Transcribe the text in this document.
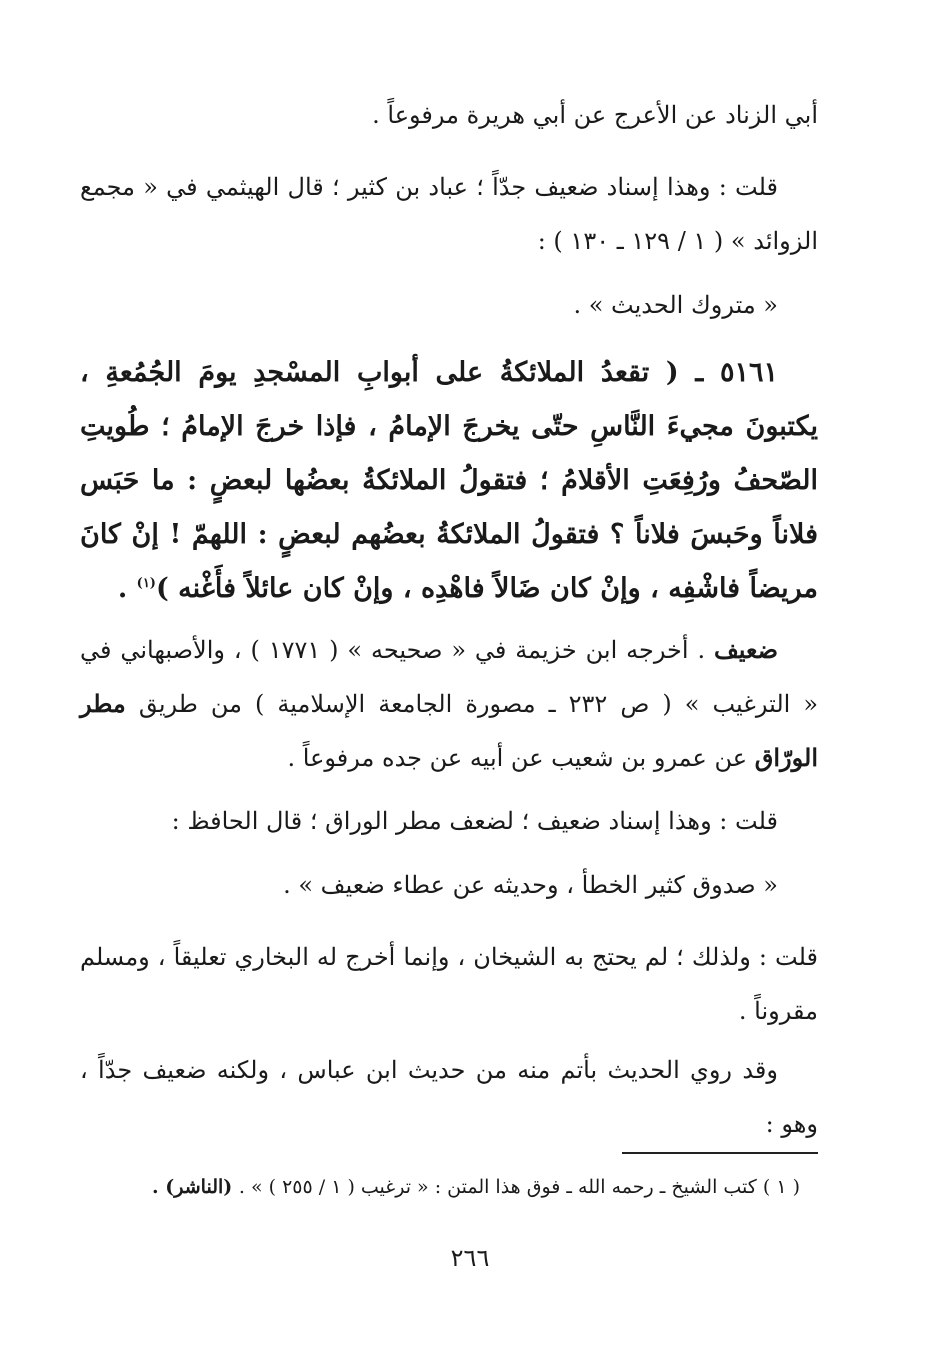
أبي الزناد عن الأعرج عن أبي هريرة مرفوعاً .

قلت : وهذا إسناد ضعيف جدّاً ؛ عباد بن كثير ؛ قال الهيثمي في « مجمع الزوائد » ( ١ / ١٢٩ ـ ١٣٠ ) :

« متروك الحديث » .

٥١٦١ ـ ( تقعدُ الملائكةُ على أبوابِ المسْجدِ يومَ الجُمُعةِ ، يكتبونَ مجيءَ النَّاسِ حتّى يخرجَ الإمامُ ، فإذا خرجَ الإمامُ ؛ طُويتِ الصّحفُ ورُفِعَتِ الأقلامُ ؛ فتقولُ الملائكةُ بعضُها لبعضٍ : ما حَبَس فلاناً وحَبسَ فلاناً ؟ فتقولُ الملائكةُ بعضُهم لبعضٍ : اللهمّ ! إنْ كانَ مريضاً فاشْفِه ، وإنْ كان ضَالاً فاهْدِه ، وإنْ كان عائلاً فأَغْنه )$^{(١)}$ .

ضعيف . أخرجه ابن خزيمة في « صحيحه » ( ١٧٧١ ) ، والأصبهاني في « الترغيب » ( ص ٢٣٢ ـ مصورة الجامعة الإسلامية ) من طريق مطر الورّاق عن عمرو بن شعيب عن أبيه عن جده مرفوعاً .

قلت : وهذا إسناد ضعيف ؛ لضعف مطر الوراق ؛ قال الحافظ :

« صدوق كثير الخطأ ، وحديثه عن عطاء ضعيف » .

قلت : ولذلك ؛ لم يحتج به الشيخان ، وإنما أخرج له البخاري تعليقاً ، ومسلم مقروناً .

وقد روي الحديث بأتم منه من حديث ابن عباس ، ولكنه ضعيف جدّاً ، وهو :

( ١ ) كتب الشيخ ـ رحمه الله ـ فوق هذا المتن : « ترغيب ( ١ / ٢٥٥ ) » . (الناشر) .
٢٦٦
